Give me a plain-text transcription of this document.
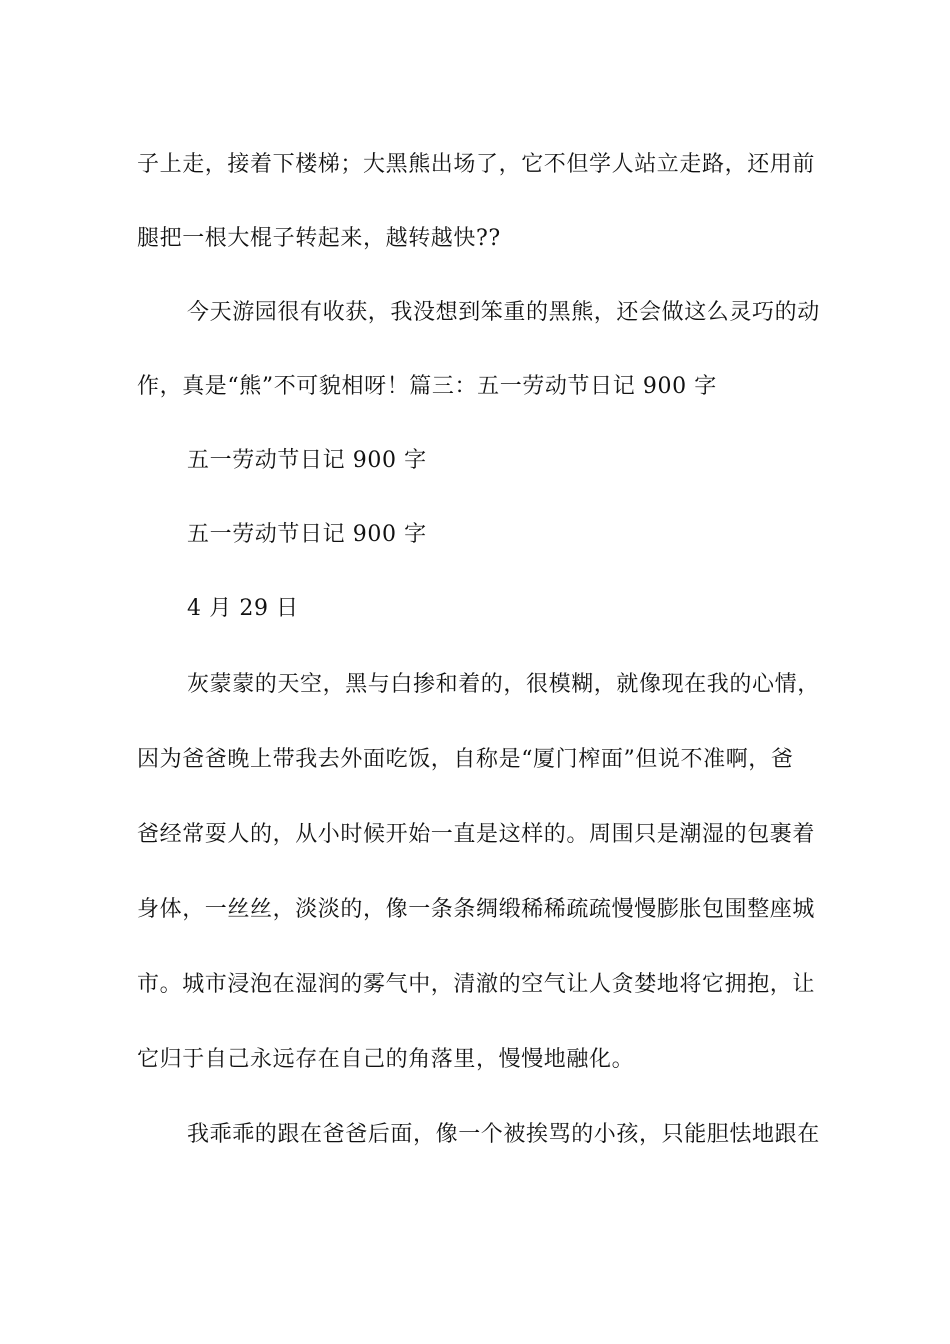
子上走，接着下楼梯；大黑熊出场了，它不但学人站立走路，还用前
腿把一根大棍子转起来，越转越快??
今天游园很有收获，我没想到笨重的黑熊，还会做这么灵巧的动
作，真是“熊”不可貌相呀！篇三：五一劳动节日记 900 字
五一劳动节日记 900 字
五一劳动节日记 900 字
4 月 29 日
灰蒙蒙的天空，黑与白掺和着的，很模糊，就像现在我的心情，
因为爸爸晚上带我去外面吃饭，自称是“厦门榨面”但说不准啊，爸
爸经常耍人的，从小时候开始一直是这样的。周围只是潮湿的包裹着
身体，一丝丝，淡淡的，像一条条绸缎稀稀疏疏慢慢膨胀包围整座城
市。城市浸泡在湿润的雾气中，清澈的空气让人贪婪地将它拥抱，让
它归于自己永远存在自己的角落里，慢慢地融化。
我乖乖的跟在爸爸后面，像一个被挨骂的小孩，只能胆怯地跟在
